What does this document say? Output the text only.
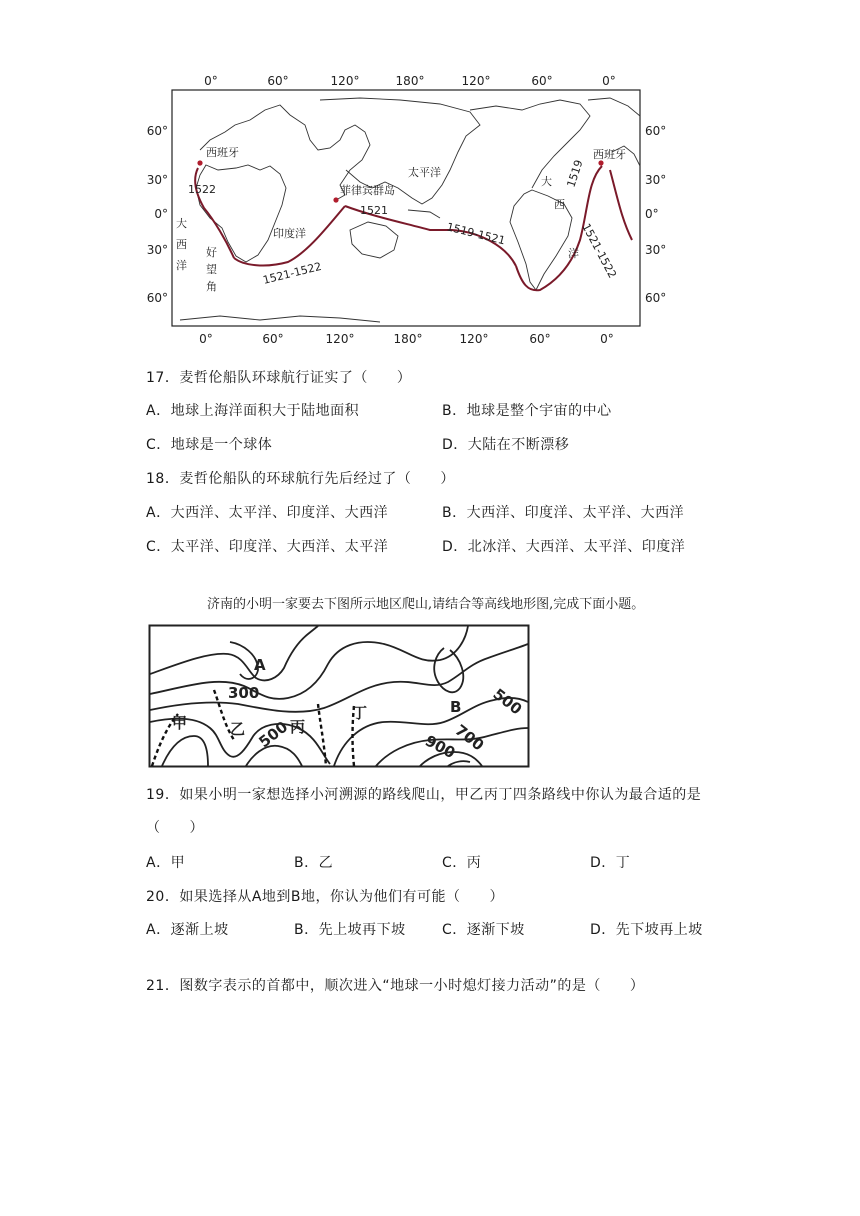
0°	60°	120°	180°	120°	60°	0°
0°	60°	120°	180°	120°	60°	0°
60°
30°
0°
30°
60°
60°
30°
0°
30°
60°
西班牙	西班牙
1522	菲律宾群岛
太平洋
1521
1519-1521
印度洋
1521-1522
大
西
洋
好
望
角
大
西
洋
1519
1521-1522
17．麦哲伦船队环球航行证实了（　　）
A．地球上海洋面积大于陆地面积	B．地球是整个宇宙的中心
C．地球是一个球体	D．大陆在不断漂移
18．麦哲伦船队的环球航行先后经过了（　　）
A．大西洋、太平洋、印度洋、大西洋	B．大西洋、印度洋、太平洋、大西洋
C．太平洋、印度洋、大西洋、太平洋	D．北冰洋、大西洋、太平洋、印度洋
济南的小明一家要去下图所示地区爬山,请结合等高线地形图,完成下面小题。
A
B
300	500
500	700
900
甲	乙	丙
丁
19．如果小明一家想选择小河溯源的路线爬山，甲乙丙丁四条路线中你认为最合适的是
（　　）
A．甲	B．乙	C．丙	D．丁
20．如果选择从A地到B地，你认为他们有可能（　　）
A．逐渐上坡	B．先上坡再下坡	C．逐渐下坡	D．先下坡再上坡
21．图数字表示的首都中，顺次进入“地球一小时熄灯接力活动”的是（　　）
